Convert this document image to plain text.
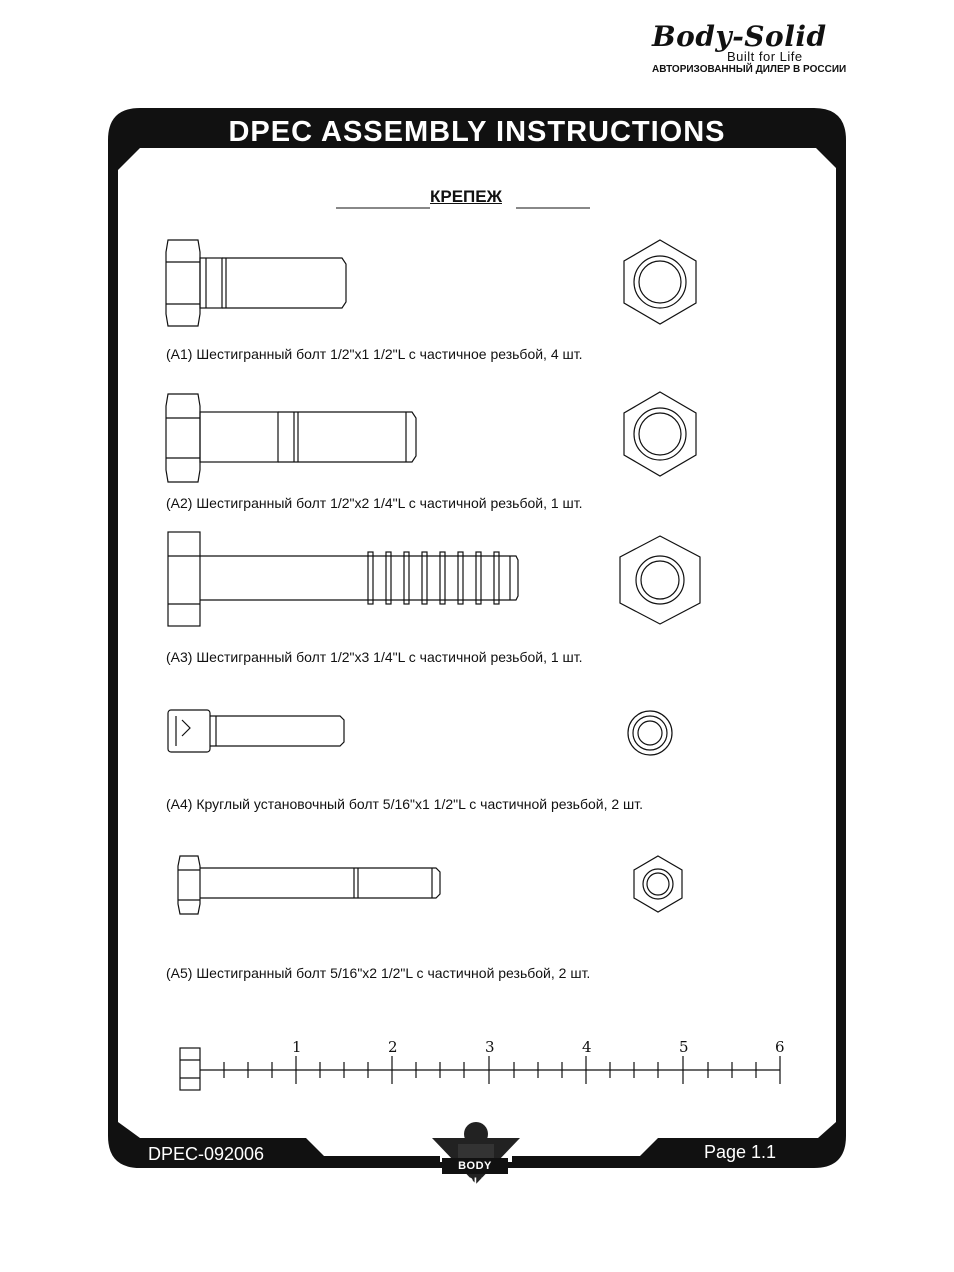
Body-Solid
Built for Life
АВТОРИЗОВАННЫЙ ДИЛЕР В РОССИИ
DPEC ASSEMBLY INSTRUCTIONS
КРЕПЕЖ
(A1) Шестигранный болт 1/2"x1 1/2"L с частичное резьбой, 4 шт.
(A2) Шестигранный болт 1/2"x2 1/4"L с частичной резьбой, 1 шт.
(A3) Шестигранный болт 1/2"x3 1/4"L с частичной резьбой, 1 шт.
(A4) Круглый установочный болт 5/16"x1 1/2"L с частичной резьбой, 2 шт.
(A5) Шестигранный болт 5/16"x2 1/2"L с частичной резьбой, 2 шт.
1	2	3	4	5	6
DPEC-092006	Page 1.1
BODY SOLID
